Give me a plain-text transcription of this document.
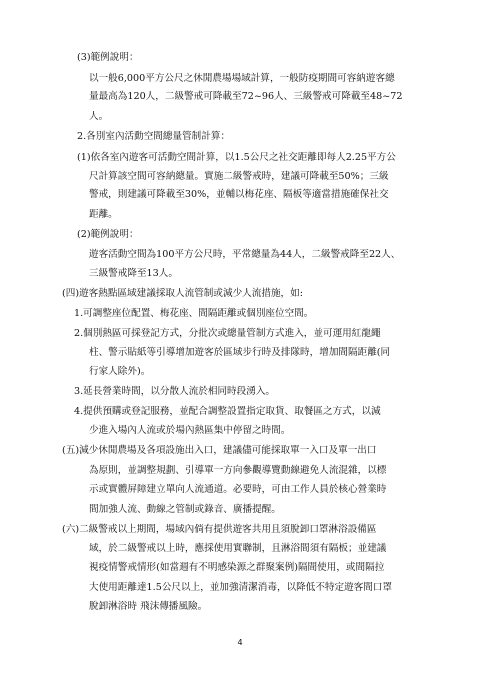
(3)範例說明：
以一般6,000平方公尺之休閒農場場域計算，一般防疫期間可容納遊客總
量最高為120人，二級警戒可降載至72~96人、三級警戒可降載至48~72
人。
2.各別室內活動空間總量管制計算：
(1)依各室內遊客可活動空間計算，以1.5公尺之社交距離即每人2.25平方公
尺計算該空間可容納總量。實施二級警戒時，建議可降載至50%；三級
警戒，則建議可降載至30%，並輔以梅花座、隔板等適當措施確保社交
距離。
(2)範例說明：
遊客活動空間為100平方公尺時，平常總量為44人，二級警戒降至22人、
三級警戒降至13人。
(四)遊客熱點區域建議採取人流管制或減少人流措施，如:
1.可調整座位配置、梅花座、間隔距離或個別座位空間。
2.個別熱區可採登記方式，分批次或總量管制方式進入，並可運用紅龍繩
柱、警示貼紙等引導增加遊客於區域步行時及排隊時，增加間隔距離(同
行家人除外)。
3.延長營業時間，以分散人流於相同時段湧入。
4.提供預購或登記服務，並配合調整設置指定取貨、取餐區之方式，以減
少進入場內人流或於場內熱區集中停留之時間。
(五)減少休閒農場及各項設施出入口，建議儘可能採取單一入口及單一出口
為原則，並調整規劃、引導單一方向參觀導覽動線避免人流混雜，以標
示或實體屏障建立單向人流通道。必要時，可由工作人員於核心營業時
間加強人流、動線之管制或錄音、廣播提醒。
(六)二級警戒以上期間，場域內倘有提供遊客共用且須脫卸口罩淋浴設備區
域，於二級警戒以上時，應採使用實聯制，且淋浴間須有隔板；並建議
視疫情警戒情形(如當週有不明感染源之群聚案例)隔間使用，或間隔拉
大使用距離達1.5公尺以上，並加強清潔消毒，以降低不特定遊客間口罩
脫卸淋浴時 飛沫傳播風險。
4
